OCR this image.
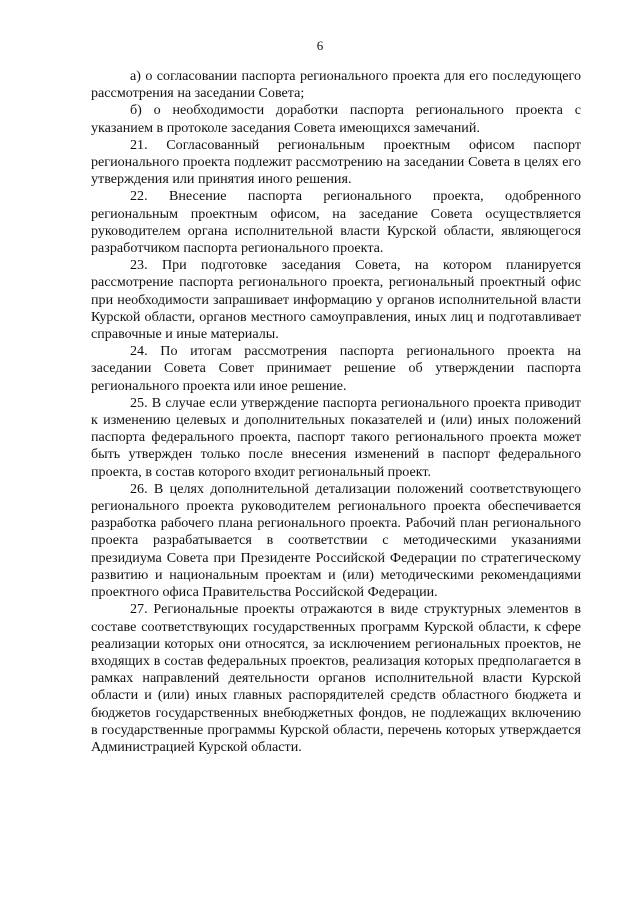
6

а) о согласовании паспорта регионального проекта для его последующего рассмотрения на заседании Совета;

б) о необходимости доработки паспорта регионального проекта с указанием в протоколе заседания Совета имеющихся замечаний.

21. Согласованный региональным проектным офисом паспорт регионального проекта подлежит рассмотрению на заседании Совета в целях его утверждения или принятия иного решения.

22. Внесение паспорта регионального проекта, одобренного региональным проектным офисом, на заседание Совета осуществляется руководителем органа исполнительной власти Курской области, являющегося разработчиком паспорта регионального проекта.

23. При подготовке заседания Совета, на котором планируется рассмотрение паспорта регионального проекта, региональный проектный офис при необходимости запрашивает информацию у органов исполнительной власти Курской области, органов местного самоуправления, иных лиц и подготавливает справочные и иные материалы.

24. По итогам рассмотрения паспорта регионального проекта на заседании Совета Совет принимает решение об утверждении паспорта регионального проекта или иное решение.

25. В случае если утверждение паспорта регионального проекта приводит к изменению целевых и дополнительных показателей и (или) иных положений паспорта федерального проекта, паспорт такого регионального проекта может быть утвержден только после внесения изменений в паспорт федерального проекта, в состав которого входит региональный проект.

26. В целях дополнительной детализации положений соответствующего регионального проекта руководителем регионального проекта обеспечивается разработка рабочего плана регионального проекта. Рабочий план регионального проекта разрабатывается в соответствии с методическими указаниями президиума Совета при Президенте Российской Федерации по стратегическому развитию и национальным проектам и (или) методическими рекомендациями проектного офиса Правительства Российской Федерации.

27. Региональные проекты отражаются в виде структурных элементов в составе соответствующих государственных программ Курской области, к сфере реализации которых они относятся, за исключением региональных проектов, не входящих в состав федеральных проектов, реализация которых предполагается в рамках направлений деятельности органов исполнительной власти Курской области и (или) иных главных распорядителей средств областного бюджета и бюджетов государственных внебюджетных фондов, не подлежащих включению в государственные программы Курской области, перечень которых утверждается Администрацией Курской области.
